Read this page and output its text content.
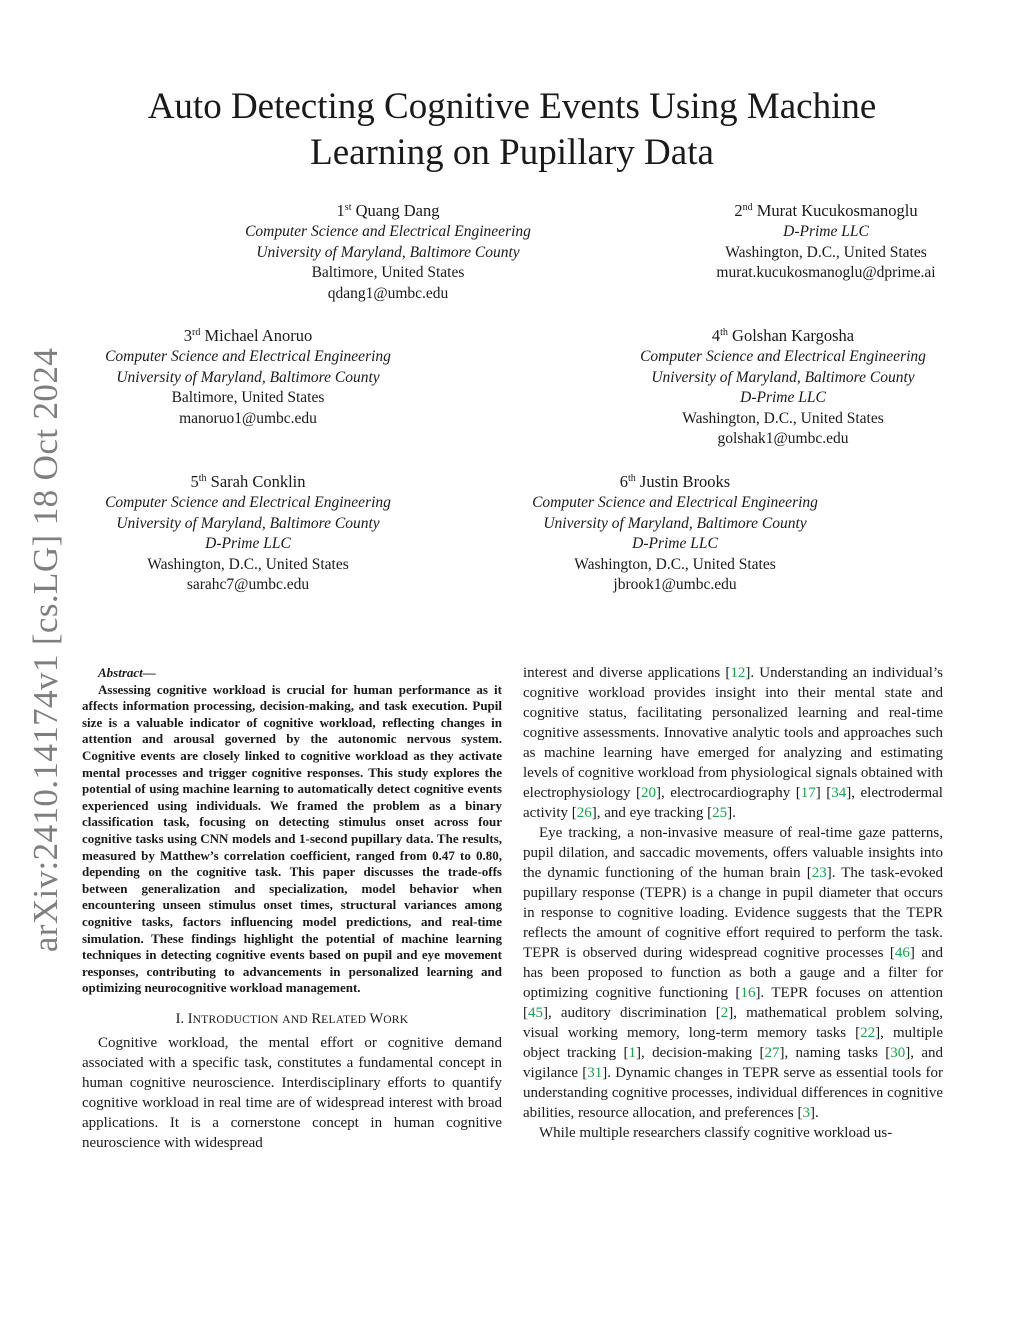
Auto Detecting Cognitive Events Using Machine
Learning on Pupillary Data
arXiv:2410.14174v1 [cs.LG] 18 Oct 2024
1st Quang Dang
Computer Science and Electrical Engineering
University of Maryland, Baltimore County
Baltimore, United States
qdang1@umbc.edu
2nd Murat Kucukosmanoglu
D-Prime LLC
Washington, D.C., United States
murat.kucukosmanoglu@dprime.ai
3rd Michael Anoruo
Computer Science and Electrical Engineering
University of Maryland, Baltimore County
Baltimore, United States
manoruo1@umbc.edu
4th Golshan Kargosha
Computer Science and Electrical Engineering
University of Maryland, Baltimore County
D-Prime LLC
Washington, D.C., United States
golshak1@umbc.edu
5th Sarah Conklin
Computer Science and Electrical Engineering
University of Maryland, Baltimore County
D-Prime LLC
Washington, D.C., United States
sarahc7@umbc.edu
6th Justin Brooks
Computer Science and Electrical Engineering
University of Maryland, Baltimore County
D-Prime LLC
Washington, D.C., United States
jbrook1@umbc.edu
Abstract—
Assessing cognitive workload is crucial for human performance as it affects information processing, decision-making, and task execution. Pupil size is a valuable indicator of cognitive workload, reflecting changes in attention and arousal governed by the autonomic nervous system. Cognitive events are closely linked to cognitive workload as they activate mental processes and trigger cognitive responses. This study explores the potential of using machine learning to automatically detect cognitive events experienced using individuals. We framed the problem as a binary classification task, focusing on detecting stimulus onset across four cognitive tasks using CNN models and 1-second pupillary data. The results, measured by Matthew’s correlation coefficient, ranged from 0.47 to 0.80, depending on the cognitive task. This paper discusses the trade-offs between generalization and specialization, model behavior when encountering unseen stimulus onset times, structural variances among cognitive tasks, factors influencing model predictions, and real-time simulation. These findings highlight the potential of machine learning techniques in detecting cognitive events based on pupil and eye movement responses, contributing to advancements in personalized learning and optimizing neurocognitive workload management.
I. INTRODUCTION AND RELATED WORK

Cognitive workload, the mental effort or cognitive demand associated with a specific task, constitutes a fundamental concept in human cognitive neuroscience. Interdisciplinary efforts to quantify cognitive workload in real time are of widespread interest with broad applications. It is a cornerstone concept in human cognitive neuroscience with widespread

interest and diverse applications [12]. Understanding an individual’s cognitive workload provides insight into their mental state and cognitive status, facilitating personalized learning and real-time cognitive assessments. Innovative analytic tools and approaches such as machine learning have emerged for analyzing and estimating levels of cognitive workload from physiological signals obtained with electrophysiology [20], electrocardiography [17] [34], electrodermal activity [26], and eye tracking [25].

Eye tracking, a non-invasive measure of real-time gaze patterns, pupil dilation, and saccadic movements, offers valuable insights into the dynamic functioning of the human brain [23]. The task-evoked pupillary response (TEPR) is a change in pupil diameter that occurs in response to cognitive loading. Evidence suggests that the TEPR reflects the amount of cognitive effort required to perform the task. TEPR is observed during widespread cognitive processes [46] and has been proposed to function as both a gauge and a filter for optimizing cognitive functioning [16]. TEPR focuses on attention [45], auditory discrimination [2], mathematical problem solving, visual working memory, long-term memory tasks [22], multiple object tracking [1], decision-making [27], naming tasks [30], and vigilance [31]. Dynamic changes in TEPR serve as essential tools for understanding cognitive processes, individual differences in cognitive abilities, resource allocation, and preferences [3].

While multiple researchers classify cognitive workload us-
